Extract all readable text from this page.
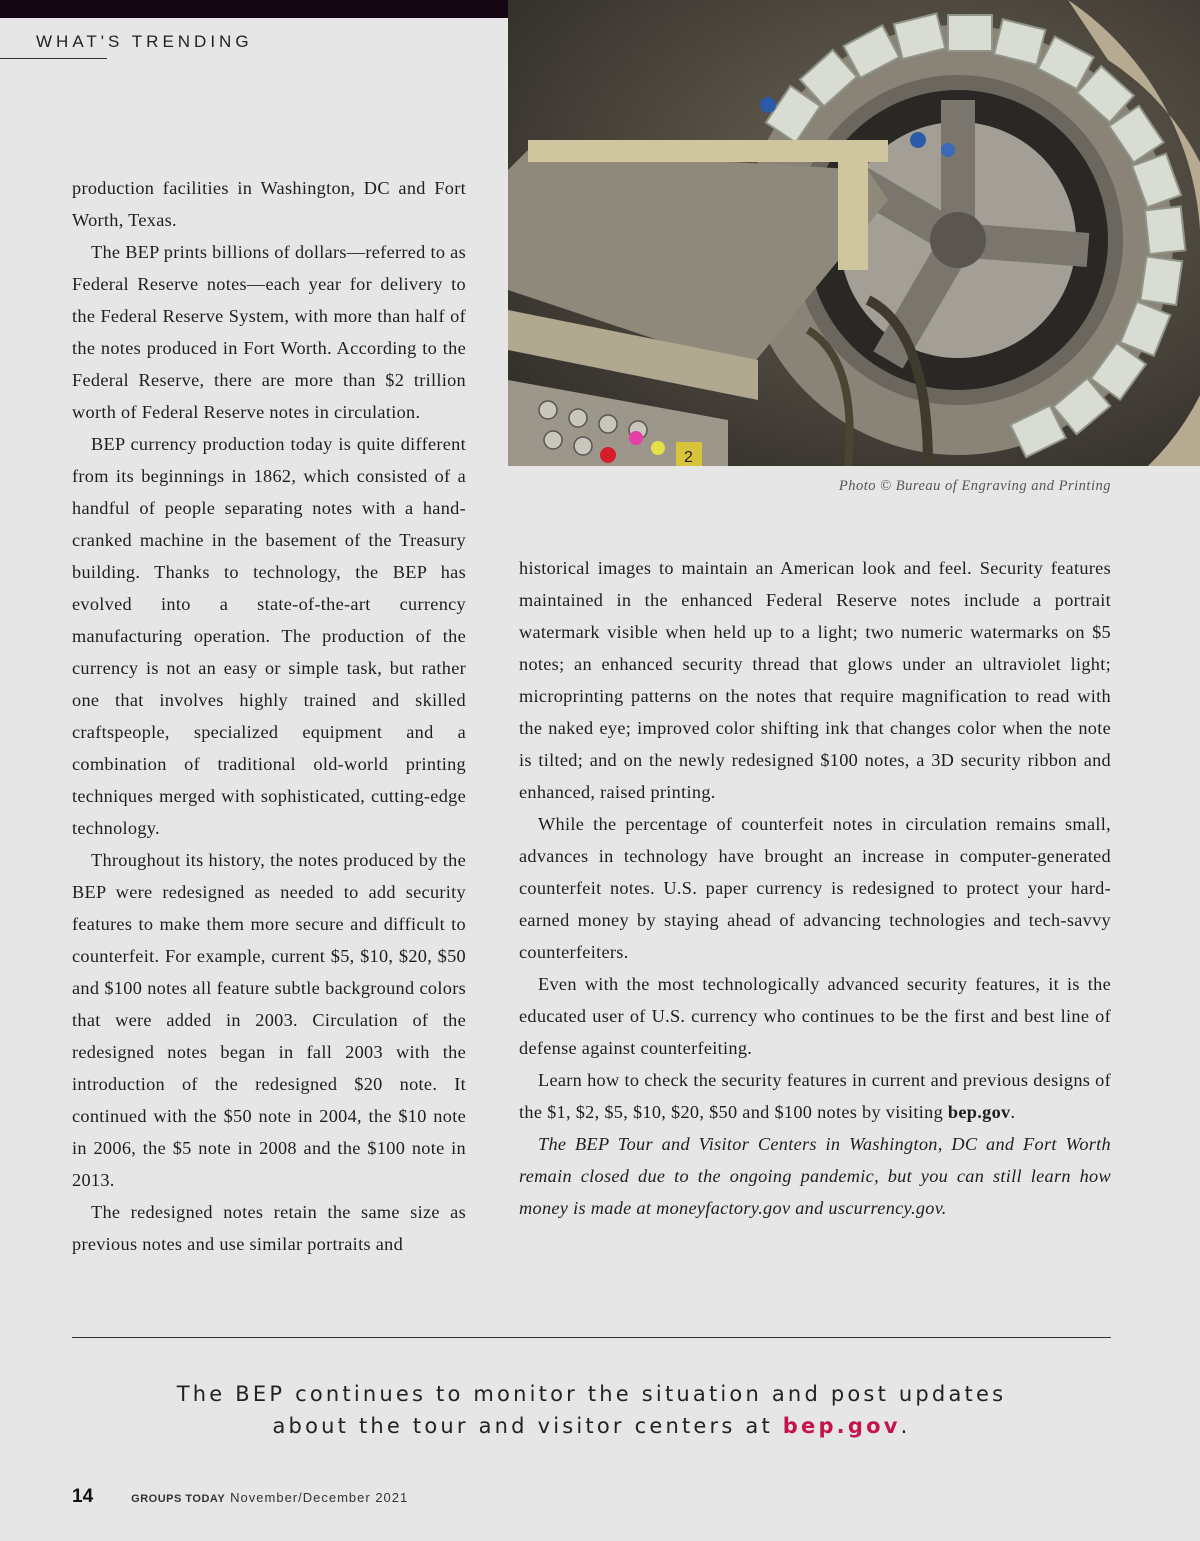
WHAT'S TRENDING
2
Photo © Bureau of Engraving and Printing

production facilities in Washington, DC and Fort Worth, Texas.

The BEP prints billions of dollars—referred to as Federal Reserve notes—each year for delivery to the Federal Reserve System, with more than half of the notes produced in Fort Worth. According to the Federal Reserve, there are more than $2 trillion worth of Federal Reserve notes in circulation.

BEP currency production today is quite different from its beginnings in 1862, which consisted of a handful of people separating notes with a hand-cranked machine in the basement of the Treasury building. Thanks to technology, the BEP has evolved into a state-of-the-art currency manufacturing operation. The production of the currency is not an easy or simple task, but rather one that involves highly trained and skilled craftspeople, specialized equipment and a combination of traditional old-world printing techniques merged with sophisticated, cutting-edge technology.

Throughout its history, the notes produced by the BEP were redesigned as needed to add security features to make them more secure and difficult to counterfeit. For example, current $5, $10, $20, $50 and $100 notes all feature subtle background colors that were added in 2003. Circulation of the redesigned notes began in fall 2003 with the introduction of the redesigned $20 note. It continued with the $50 note in 2004, the $10 note in 2006, the $5 note in 2008 and the $100 note in 2013.

The redesigned notes retain the same size as previous notes and use similar portraits and

historical images to maintain an American look and feel. Security features maintained in the enhanced Federal Reserve notes include a portrait watermark visible when held up to a light; two numeric watermarks on $5 notes; an enhanced security thread that glows under an ultraviolet light; microprinting patterns on the notes that require magnification to read with the naked eye; improved color shifting ink that changes color when the note is tilted; and on the newly redesigned $100 notes, a 3D security ribbon and enhanced, raised printing.

While the percentage of counterfeit notes in circulation remains small, advances in technology have brought an increase in computer-generated counterfeit notes. U.S. paper currency is redesigned to protect your hard-earned money by staying ahead of advancing technologies and tech-savvy counterfeiters.

Even with the most technologically advanced security features, it is the educated user of U.S. currency who continues to be the first and best line of defense against counterfeiting.

Learn how to check the security features in current and previous designs of the $1, $2, $5, $10, $20, $50 and $100 notes by visiting bep.gov.

The BEP Tour and Visitor Centers in Washington, DC and Fort Worth remain closed due to the ongoing pandemic, but you can still learn how money is made at moneyfactory.gov and uscurrency.gov.

The BEP continues to monitor the situation and post updates
about the tour and visitor centers at bep.gov.
14	GROUPS TODAY November/December 2021
